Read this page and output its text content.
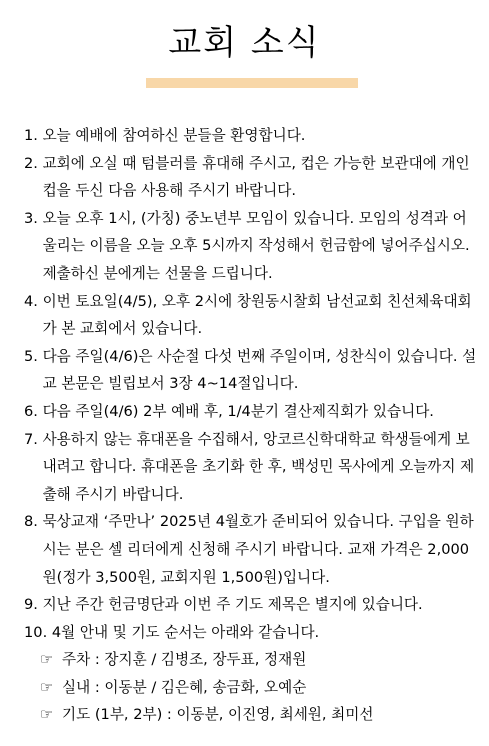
교회 소식
1. 오늘 예배에 참여하신 분들을 환영합니다.
2. 교회에 오실 때 텀블러를 휴대해 주시고, 컵은 가능한 보관대에 개인컵을 두신 다음 사용해 주시기 바랍니다.
3. 오늘 오후 1시, (가칭) 중노년부 모임이 있습니다. 모임의 성격과 어울리는 이름을 오늘 오후 5시까지 작성해서 헌금함에 넣어주십시오. 제출하신 분에게는 선물을 드립니다.
4. 이번 토요일(4/5), 오후 2시에 창원동시찰회 남선교회 친선체육대회가 본 교회에서 있습니다.
5. 다음 주일(4/6)은 사순절 다섯 번째 주일이며, 성찬식이 있습니다. 설교 본문은 빌립보서 3장 4~14절입니다.
6. 다음 주일(4/6) 2부 예배 후, 1/4분기 결산제직회가 있습니다.
7. 사용하지 않는 휴대폰을 수집해서, 앙코르신학대학교 학생들에게 보내려고 합니다. 휴대폰을 초기화 한 후, 백성민 목사에게 오늘까지 제출해 주시기 바랍니다.
8. 묵상교재 ‘주만나’ 2025년 4월호가 준비되어 있습니다. 구입을 원하시는 분은 셀 리더에게 신청해 주시기 바랍니다. 교재 가격은 2,000원(정가 3,500원, 교회지원 1,500원)입니다.
9. 지난 주간 헌금명단과 이번 주 기도 제목은 별지에 있습니다.
10. 4월 안내 및 기도 순서는 아래와 같습니다.
☞ 주차 : 장지훈 / 김병조, 장두표, 정재원
☞ 실내 : 이동분 / 김은혜, 송금화, 오예순
☞ 기도 (1부, 2부) : 이동분, 이진영, 최세원, 최미선
